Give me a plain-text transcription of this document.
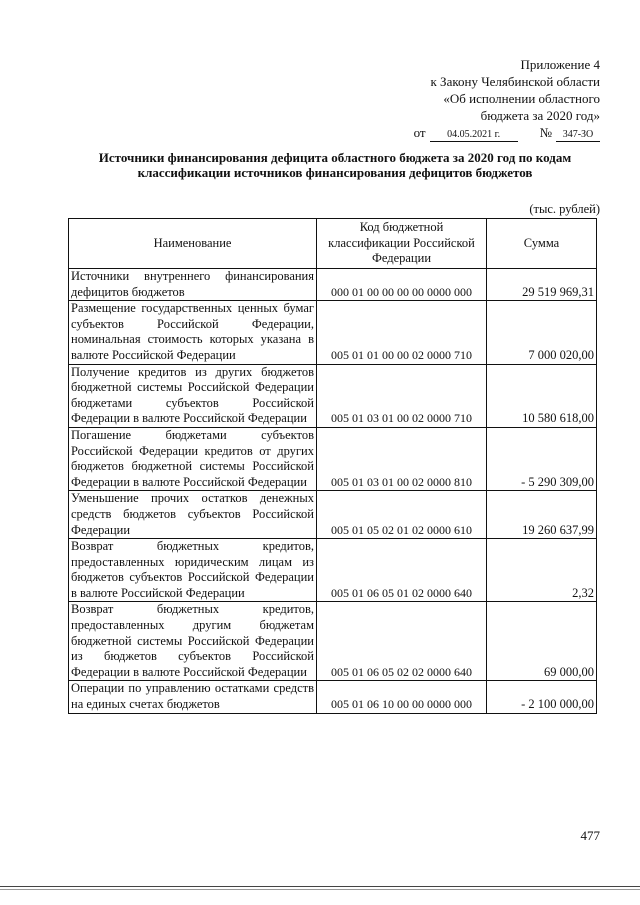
Приложение 4
к Закону Челябинской области
«Об исполнении областного
бюджета за 2020 год»
от	04.05.2021 г.	№	347-ЗО
Источники финансирования дефицита областного бюджета за 2020 год по кодам классификации источников финансирования дефицитов бюджетов
(тыс. рублей)
Наименование	Код бюджетной классификации Российской Федерации	Сумма
Источники внутреннего финансирования дефицитов бюджетов	000 01 00 00 00 00 0000 000	29 519 969,31
Размещение государственных ценных бумаг субъектов Российской Федерации, номинальная стоимость которых указана в валюте Российской Федерации	005 01 01 00 00 02 0000 710	7 000 020,00
Получение кредитов из других бюджетов бюджетной системы Российской Федерации бюджетами субъектов Российской Федерации в валюте Российской Федерации	005 01 03 01 00 02 0000 710	10 580 618,00
Погашение бюджетами субъектов Российской Федерации кредитов от других бюджетов бюджетной системы Российской Федерации в валюте Российской Федерации	005 01 03 01 00 02 0000 810	- 5 290 309,00
Уменьшение прочих остатков денежных средств бюджетов субъектов Российской Федерации	005 01 05 02 01 02 0000 610	19 260 637,99
Возврат бюджетных кредитов, предоставленных юридическим лицам из бюджетов субъектов Российской Федерации в валюте Российской Федерации	005 01 06 05 01 02 0000 640	2,32
Возврат бюджетных кредитов, предоставленных другим бюджетам бюджетной системы Российской Федерации из бюджетов субъектов Российской Федерации в валюте Российской Федерации	005 01 06 05 02 02 0000 640	69 000,00
Операции по управлению остатками средств на единых счетах бюджетов	005 01 06 10 00 00 0000 000	- 2 100 000,00
477
